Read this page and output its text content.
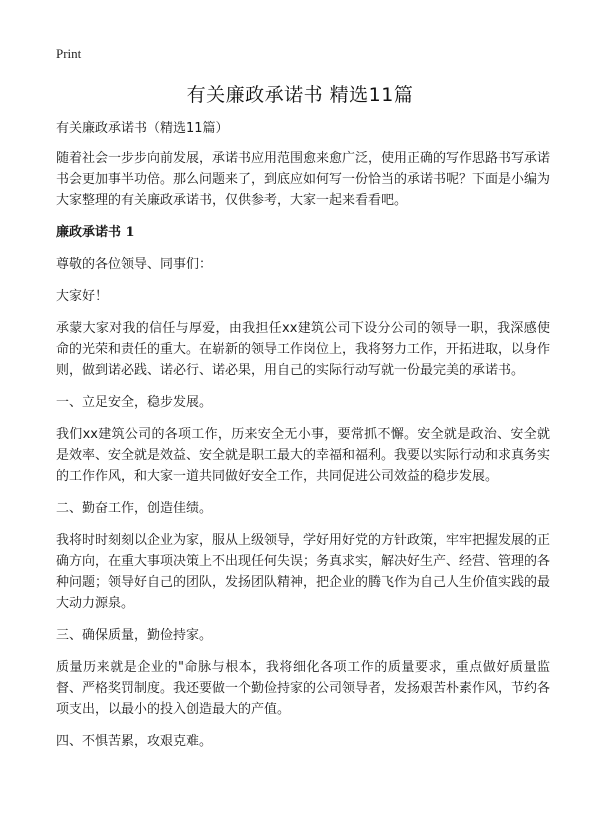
Print
有关廉政承诺书 精选11篇

有关廉政承诺书（精选11篇）

随着社会一步步向前发展，承诺书应用范围愈来愈广泛，使用正确的写作思路书写承诺书会更加事半功倍。那么问题来了，到底应如何写一份恰当的承诺书呢？下面是小编为大家整理的有关廉政承诺书，仅供参考，大家一起来看看吧。

廉政承诺书 1

尊敬的各位领导、同事们：

大家好！

承蒙大家对我的信任与厚爱，由我担任xx建筑公司下设分公司的领导一职，我深感使命的光荣和责任的重大。在崭新的领导工作岗位上，我将努力工作，开拓进取，以身作则，做到诺必践、诺必行、诺必果，用自己的实际行动写就一份最完美的承诺书。

一、立足安全，稳步发展。

我们xx建筑公司的各项工作，历来安全无小事，要常抓不懈。安全就是政治、安全就是效率、安全就是效益、安全就是职工最大的幸福和福利。我要以实际行动和求真务实的工作作风，和大家一道共同做好安全工作，共同促进公司效益的稳步发展。

二、勤奋工作，创造佳绩。

我将时时刻刻以企业为家，服从上级领导，学好用好党的方针政策，牢牢把握发展的正确方向，在重大事项决策上不出现任何失误；务真求实，解决好生产、经营、管理的各种问题；领导好自己的团队，发扬团队精神，把企业的腾飞作为自己人生价值实践的最大动力源泉。

三、确保质量，勤俭持家。

质量历来就是企业的"命脉与根本，我将细化各项工作的质量要求，重点做好质量监督、严格奖罚制度。我还要做一个勤俭持家的公司领导者，发扬艰苦朴素作风，节约各项支出，以最小的投入创造最大的产值。

四、不惧苦累，攻艰克难。
